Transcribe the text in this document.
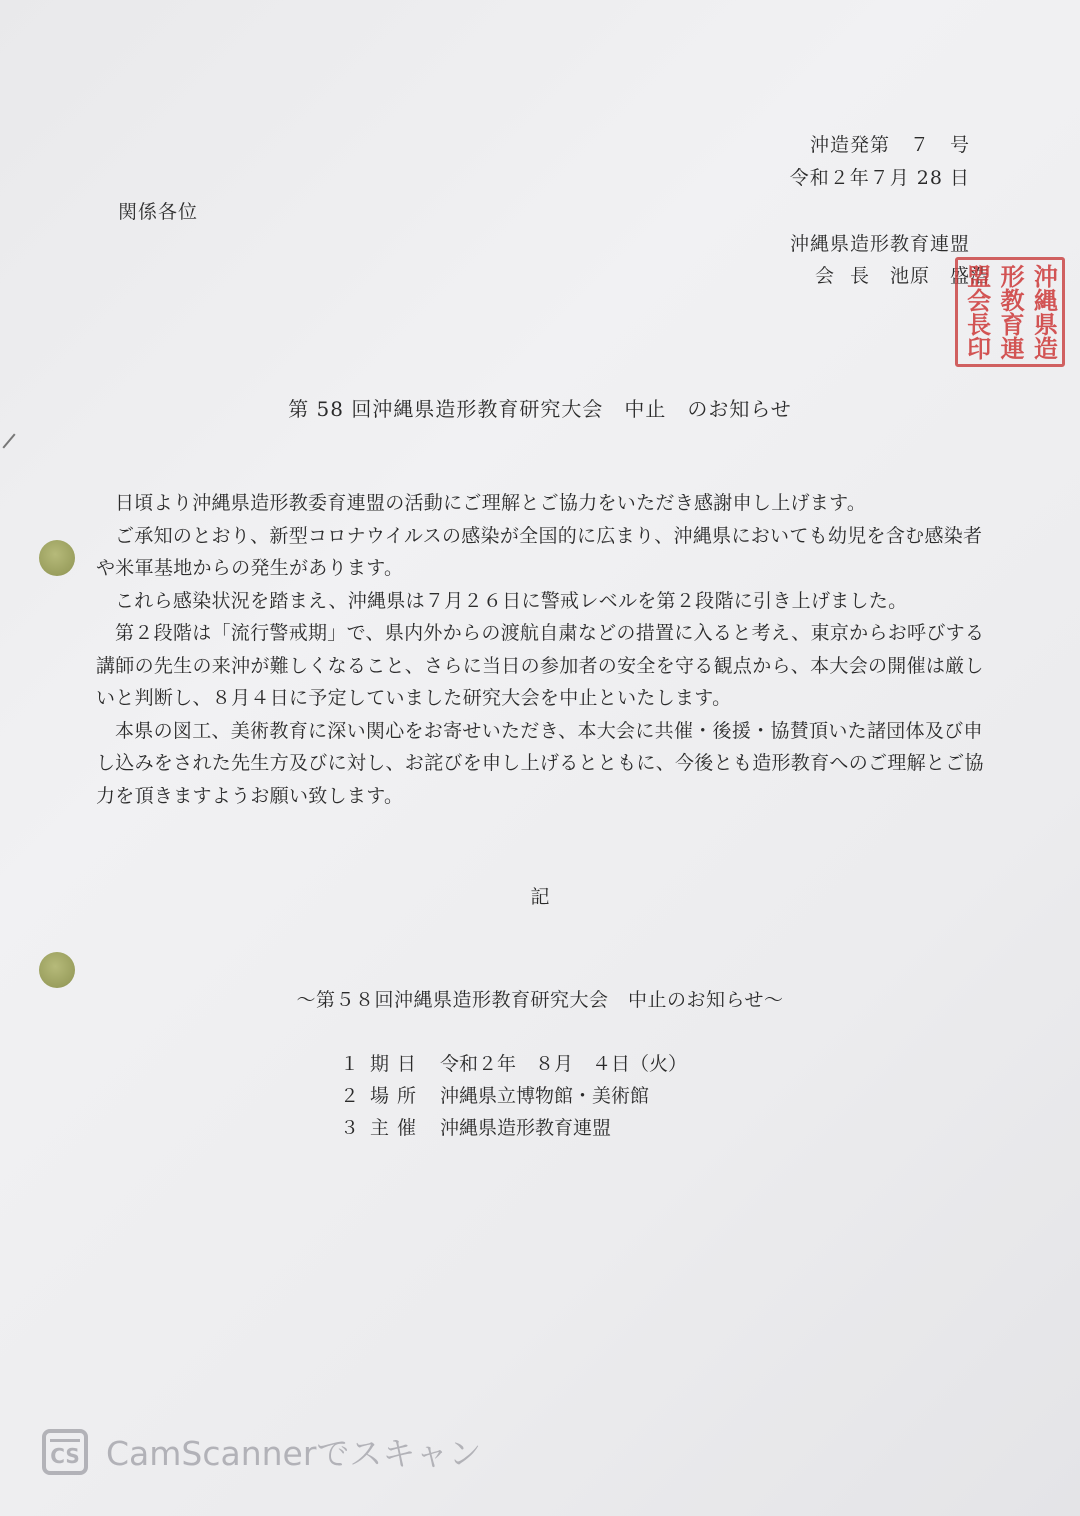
沖造発第　７　号
令和２年７月 28 日
関係各位
沖縄県造形教育連盟
会 長　池原　盛浩 沖縄県造
形教育連
盟会長印
第 58 回沖縄県造形教育研究大会　中止　のお知らせ

日頃より沖縄県造形教委育連盟の活動にご理解とご協力をいただき感謝申し上げます。

ご承知のとおり、新型コロナウイルスの感染が全国的に広まり、沖縄県においても幼児を含む感染者や米軍基地からの発生があります。

これら感染状況を踏まえ、沖縄県は７月２６日に警戒レベルを第２段階に引き上げました。

第２段階は「流行警戒期」で、県内外からの渡航自粛などの措置に入ると考え、東京からお呼びする講師の先生の来沖が難しくなること、さらに当日の参加者の安全を守る観点から、本大会の開催は厳しいと判断し、８月４日に予定していました研究大会を中止といたします。

本県の図工、美術教育に深い関心をお寄せいただき、本大会に共催・後援・協賛頂いた諸団体及び申し込みをされた先生方及びに対し、お詫びを申し上げるとともに、今後とも造形教育へのご理解とご協力を頂きますようお願い致します。

記
～第５８回沖縄県造形教育研究大会　中止のお知らせ～
１ 期日 令和２年　８月　４日（火）
２ 場所 沖縄県立博物館・美術館
３ 主催 沖縄県造形教育連盟
CS CamScannerでスキャン
